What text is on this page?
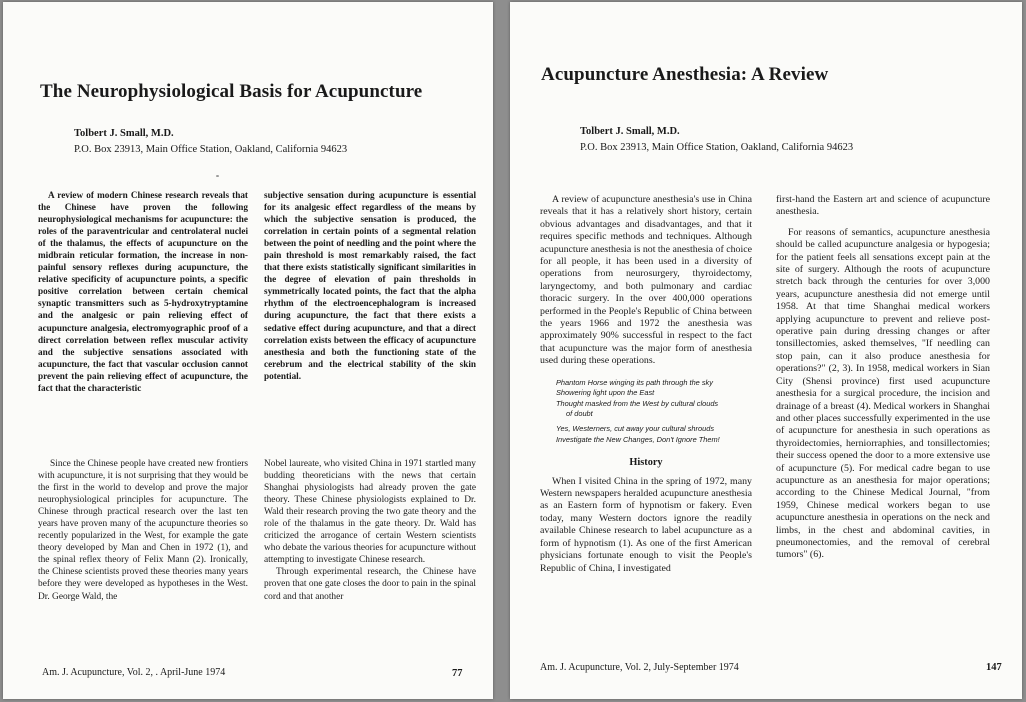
The Neurophysiological Basis for Acupuncture
Tolbert J. Small, M.D.
P.O. Box 23913, Main Office Station, Oakland, California 94623

A review of modern Chinese research reveals that the Chinese have proven the following neurophysiological mechanisms for acupuncture: the roles of the paraventricular and centrolateral nuclei of the thalamus, the effects of acupuncture on the midbrain reticular formation, the increase in non-painful sensory reflexes during acupuncture, the relative specificity of acupuncture points, a specific positive correlation between certain chemical synaptic transmitters such as 5-hydroxytryptamine and the analgesic or pain relieving effect of acupuncture analgesia, electromyographic proof of a direct correlation between reflex muscular activity and the subjective sensations associated with acupuncture, the fact that vascular occlusion cannot prevent the pain relieving effect of acupuncture, the fact that the characteristic

subjective sensation during acupuncture is essential for its analgesic effect regardless of the means by which the subjective sensation is produced, the correlation in certain points of a segmental relation between the point of needling and the point where the pain threshold is most remarkably raised, the fact that there exists statistically significant similarities in the degree of elevation of pain thresholds in symmetrically located points, the fact that the alpha rhythm of the electroencephalogram is increased during acupuncture, the fact that there exists a sedative effect during acupuncture, and that a direct correlation exists between the efficacy of acupuncture anesthesia and both the functioning state of the cerebrum and the electrical stability of the skin potential.

Since the Chinese people have created new frontiers with acupuncture, it is not surprising that they would be the first in the world to develop and prove the major neurophysiological principles for acupuncture. The Chinese through practical research over the last ten years have proven many of the acupuncture theories so recently popularized in the West, for example the gate theory developed by Man and Chen in 1972 (1), and the spinal reflex theory of Felix Mann (2). Ironically, the Chinese scientists proved these theories many years before they were developed as hypotheses in the West. Dr. George Wald, the

Nobel laureate, who visited China in 1971 startled many budding theoreticians with the news that certain Shanghai physiologists had already proven the gate theory. These Chinese physiologists explained to Dr. Wald their research proving the two gate theory and the role of the thalamus in the gate theory. Dr. Wald has criticized the arrogance of certain Western scientists who debate the various theories for acupuncture without attempting to investigate Chinese research.

Through experimental research, the Chinese have proven that one gate closes the door to pain in the spinal cord and that another

Am. J. Acupuncture, Vol. 2, . April-June 1974	77
Acupuncture Anesthesia: A Review
Tolbert J. Small, M.D.
P.O. Box 23913, Main Office Station, Oakland, California 94623

A review of acupuncture anesthesia's use in China reveals that it has a relatively short history, certain obvious advantages and disadvantages, and that it requires specific methods and techniques. Although acupuncture anesthesia is not the anesthesia of choice for all people, it has been used in a diversity of operations from neurosurgery, thyroidectomy, laryngectomy, and both pulmonary and cardiac thoracic surgery. In the over 400,000 operations performed in the People's Republic of China between the years 1966 and 1972 the anesthesia was approximately 90% successful in respect to the fact that acupuncture was the major form of anesthesia used during these operations.

Phantom Horse winging its path through the sky
Showering light upon the East
Thought masked from the West by cultural clouds
of doubt
Yes, Westerners, cut away your cultural shrouds
Investigate the New Changes, Don't Ignore Them!
History

When I visited China in the spring of 1972, many Western newspapers heralded acupuncture anesthesia as an Eastern form of hypnotism or fakery. Even today, many Western doctors ignore the readily available Chinese research to label acupuncture as a form of hypnotism (1). As one of the first American physicians fortunate enough to visit the People's Republic of China, I investigated

first-hand the Eastern art and science of acupuncture anesthesia.

For reasons of semantics, acupuncture anesthesia should be called acupuncture analgesia or hypogesia; for the patient feels all sensations except pain at the site of surgery. Although the roots of acupuncture stretch back through the centuries for over 3,000 years, acupuncture anesthesia did not emerge until 1958. At that time Shanghai medical workers applying acupuncture to prevent and relieve post-operative pain during dressing changes or after tonsillectomies, asked themselves, "If needling can stop pain, can it also produce anesthesia for operations?" (2, 3). In 1958, medical workers in Sian City (Shensi province) first used acupuncture anesthesia for a surgical procedure, the incision and drainage of a breast (4). Medical workers in Shanghai and other places successfully experimented in the use of acupuncture for anesthesia in such operations as thyroidectomies, herniorraphies, and tonsillectomies; their success opened the door to a more extensive use of acupuncture (5). For medical cadre began to use acupuncture as an anesthesia for major operations; according to the Chinese Medical Journal, "from 1959, Chinese medical workers began to use acupuncture anesthesia in operations on the neck and limbs, in the chest and abdominal cavities, in pneumonectomies, and the removal of cerebral tumors" (6).

Am. J. Acupuncture, Vol. 2, July-September 1974	147
